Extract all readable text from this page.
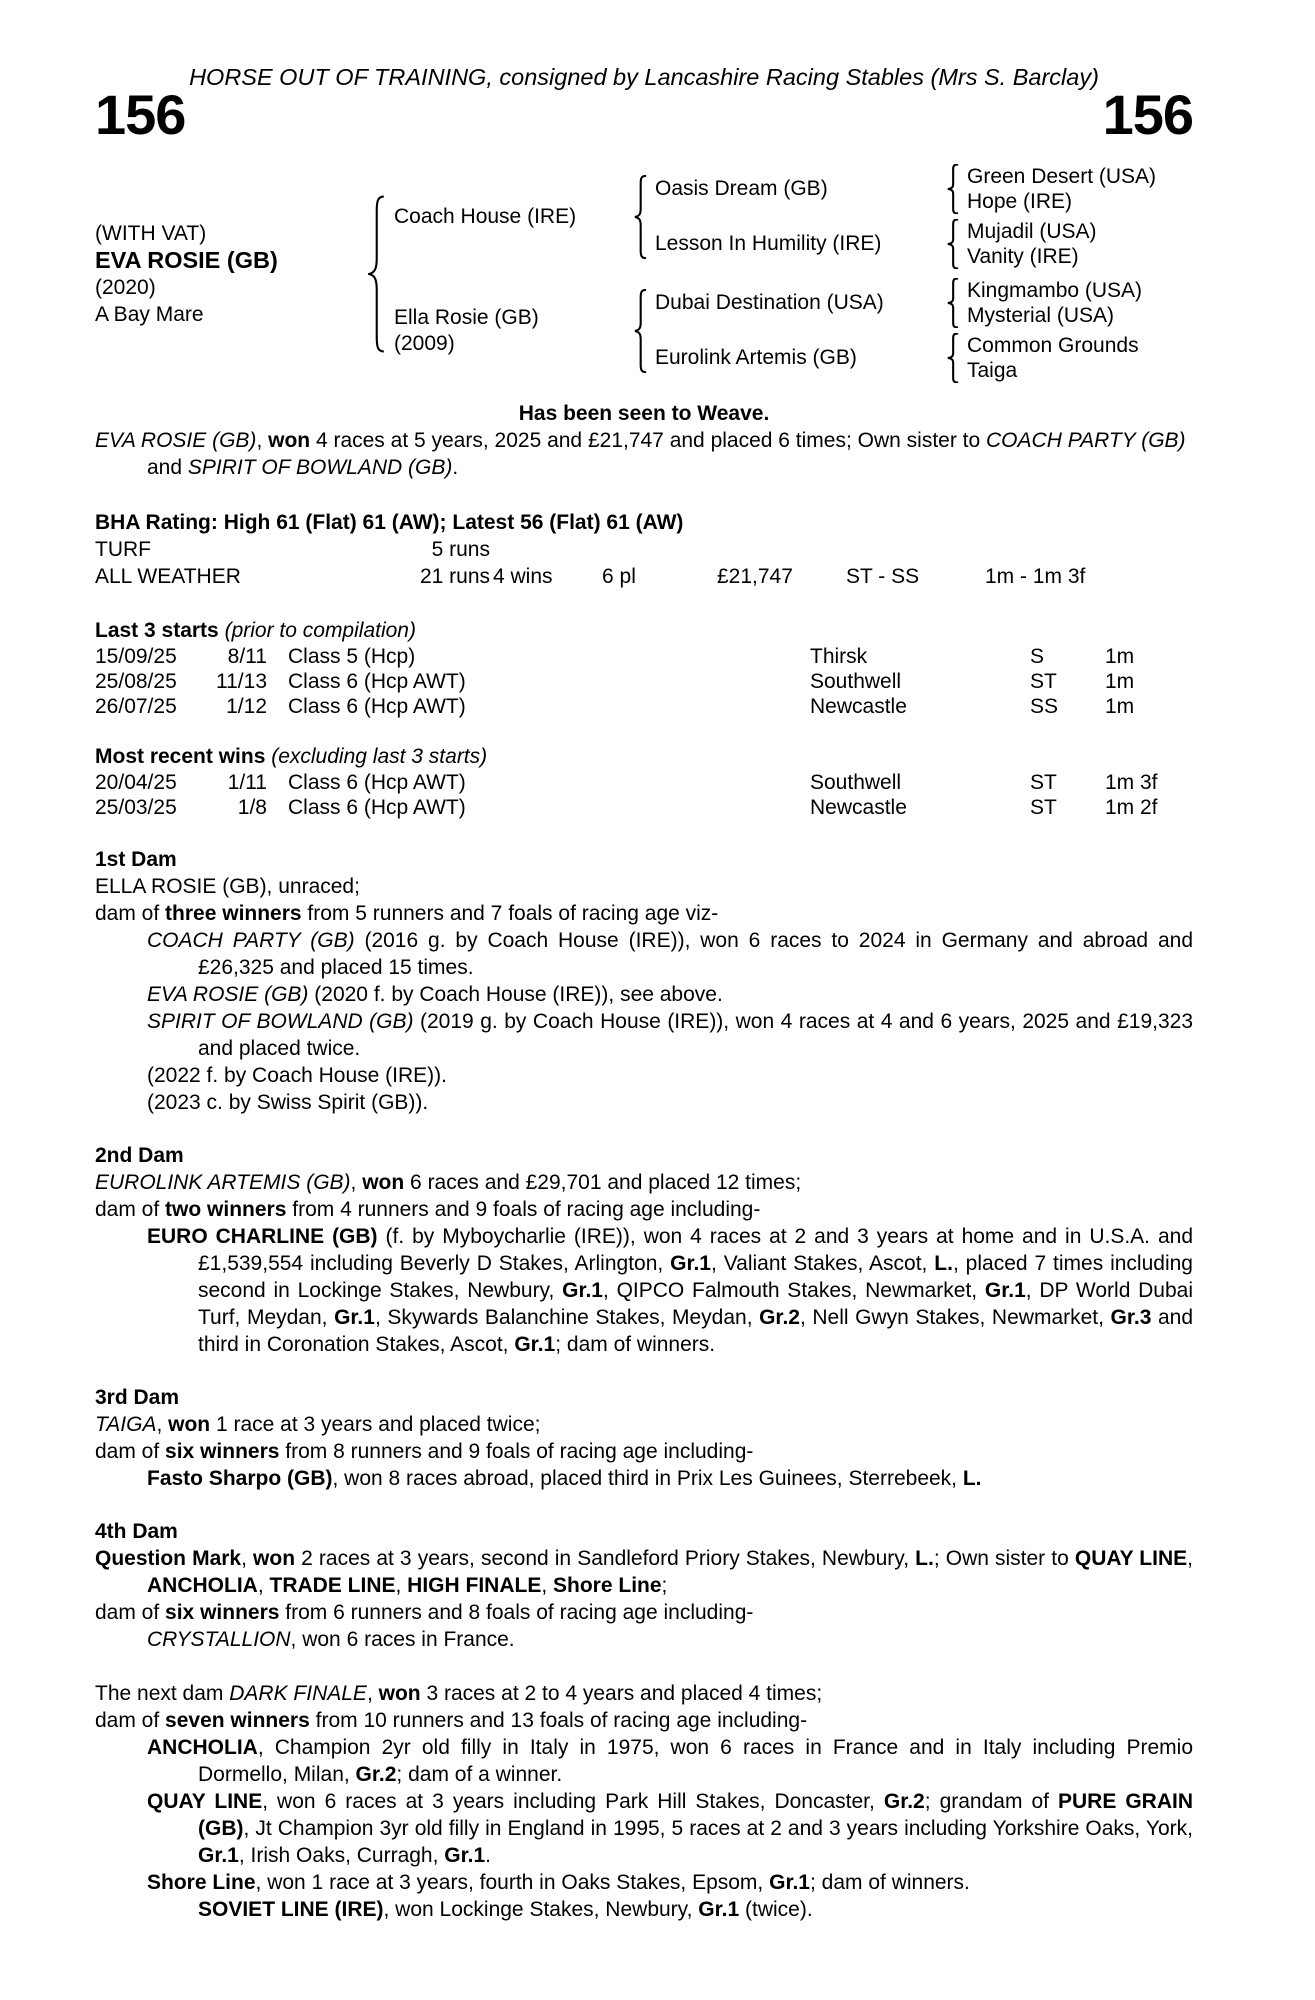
HORSE OUT OF TRAINING, consigned by Lancashire Racing Stables (Mrs S. Barclay)
156	156
(WITH VAT)
EVA ROSIE (GB)
(2020)
A Bay Mare
Coach House (IRE)
Oasis Dream (GB)
Green Desert (USA)
Hope (IRE)
Lesson In Humility (IRE)
Mujadil (USA)
Vanity (IRE)
Ella Rosie (GB)
(2009)
Dubai Destination (USA)
Kingmambo (USA)
Mysterial (USA)
Eurolink Artemis (GB)
Common Grounds
Taiga
Has been seen to Weave.

EVA ROSIE (GB), won 4 races at 5 years, 2025 and £21,747 and placed 6 times; Own sister to COACH PARTY (GB) and SPIRIT OF BOWLAND (GB).

BHA Rating: High 61 (Flat) 61 (AW); Latest 56 (Flat) 61 (AW)
TURF	5 runs
ALL WEATHER	21 runs 4 wins	6 pl	£21,747	ST - SS	1m - 1m 3f
Last 3 starts (prior to compilation)
15/09/25	8/11	Class 5 (Hcp)	Thirsk	S	1m
25/08/25	11/13	Class 6 (Hcp AWT)	Southwell	ST	1m
26/07/25	1/12	Class 6 (Hcp AWT)	Newcastle	SS	1m
Most recent wins (excluding last 3 starts)
20/04/25	1/11	Class 6 (Hcp AWT)	Southwell	ST	1m 3f
25/03/25	1/8	Class 6 (Hcp AWT)	Newcastle	ST	1m 2f
1st Dam

ELLA ROSIE (GB), unraced;

dam of three winners from 5 runners and 7 foals of racing age viz-

COACH PARTY (GB) (2016 g. by Coach House (IRE)), won 6 races to 2024 in Germany and abroad and £26,325 and placed 15 times.

EVA ROSIE (GB) (2020 f. by Coach House (IRE)), see above.

SPIRIT OF BOWLAND (GB) (2019 g. by Coach House (IRE)), won 4 races at 4 and 6 years, 2025 and £19,323 and placed twice.

(2022 f. by Coach House (IRE)).

(2023 c. by Swiss Spirit (GB)).

2nd Dam

EUROLINK ARTEMIS (GB), won 6 races and £29,701 and placed 12 times;

dam of two winners from 4 runners and 9 foals of racing age including-

EURO CHARLINE (GB) (f. by Myboycharlie (IRE)), won 4 races at 2 and 3 years at home and in U.S.A. and £1,539,554 including Beverly D Stakes, Arlington, Gr.1, Valiant Stakes, Ascot, L., placed 7 times including second in Lockinge Stakes, Newbury, Gr.1, QIPCO Falmouth Stakes, Newmarket, Gr.1, DP World Dubai Turf, Meydan, Gr.1, Skywards Balanchine Stakes, Meydan, Gr.2, Nell Gwyn Stakes, Newmarket, Gr.3 and third in Coronation Stakes, Ascot, Gr.1; dam of winners.

3rd Dam

TAIGA, won 1 race at 3 years and placed twice;

dam of six winners from 8 runners and 9 foals of racing age including-

Fasto Sharpo (GB), won 8 races abroad, placed third in Prix Les Guinees, Sterrebeek, L.

4th Dam

Question Mark, won 2 races at 3 years, second in Sandleford Priory Stakes, Newbury, L.; Own sister to QUAY LINE, ANCHOLIA, TRADE LINE, HIGH FINALE, Shore Line;

dam of six winners from 6 runners and 8 foals of racing age including-

CRYSTALLION, won 6 races in France.

The next dam DARK FINALE, won 3 races at 2 to 4 years and placed 4 times;

dam of seven winners from 10 runners and 13 foals of racing age including-

ANCHOLIA, Champion 2yr old filly in Italy in 1975, won 6 races in France and in Italy including Premio Dormello, Milan, Gr.2; dam of a winner.

QUAY LINE, won 6 races at 3 years including Park Hill Stakes, Doncaster, Gr.2; grandam of PURE GRAIN (GB), Jt Champion 3yr old filly in England in 1995, 5 races at 2 and 3 years including Yorkshire Oaks, York, Gr.1, Irish Oaks, Curragh, Gr.1.

Shore Line, won 1 race at 3 years, fourth in Oaks Stakes, Epsom, Gr.1; dam of winners.

SOVIET LINE (IRE), won Lockinge Stakes, Newbury, Gr.1 (twice).
